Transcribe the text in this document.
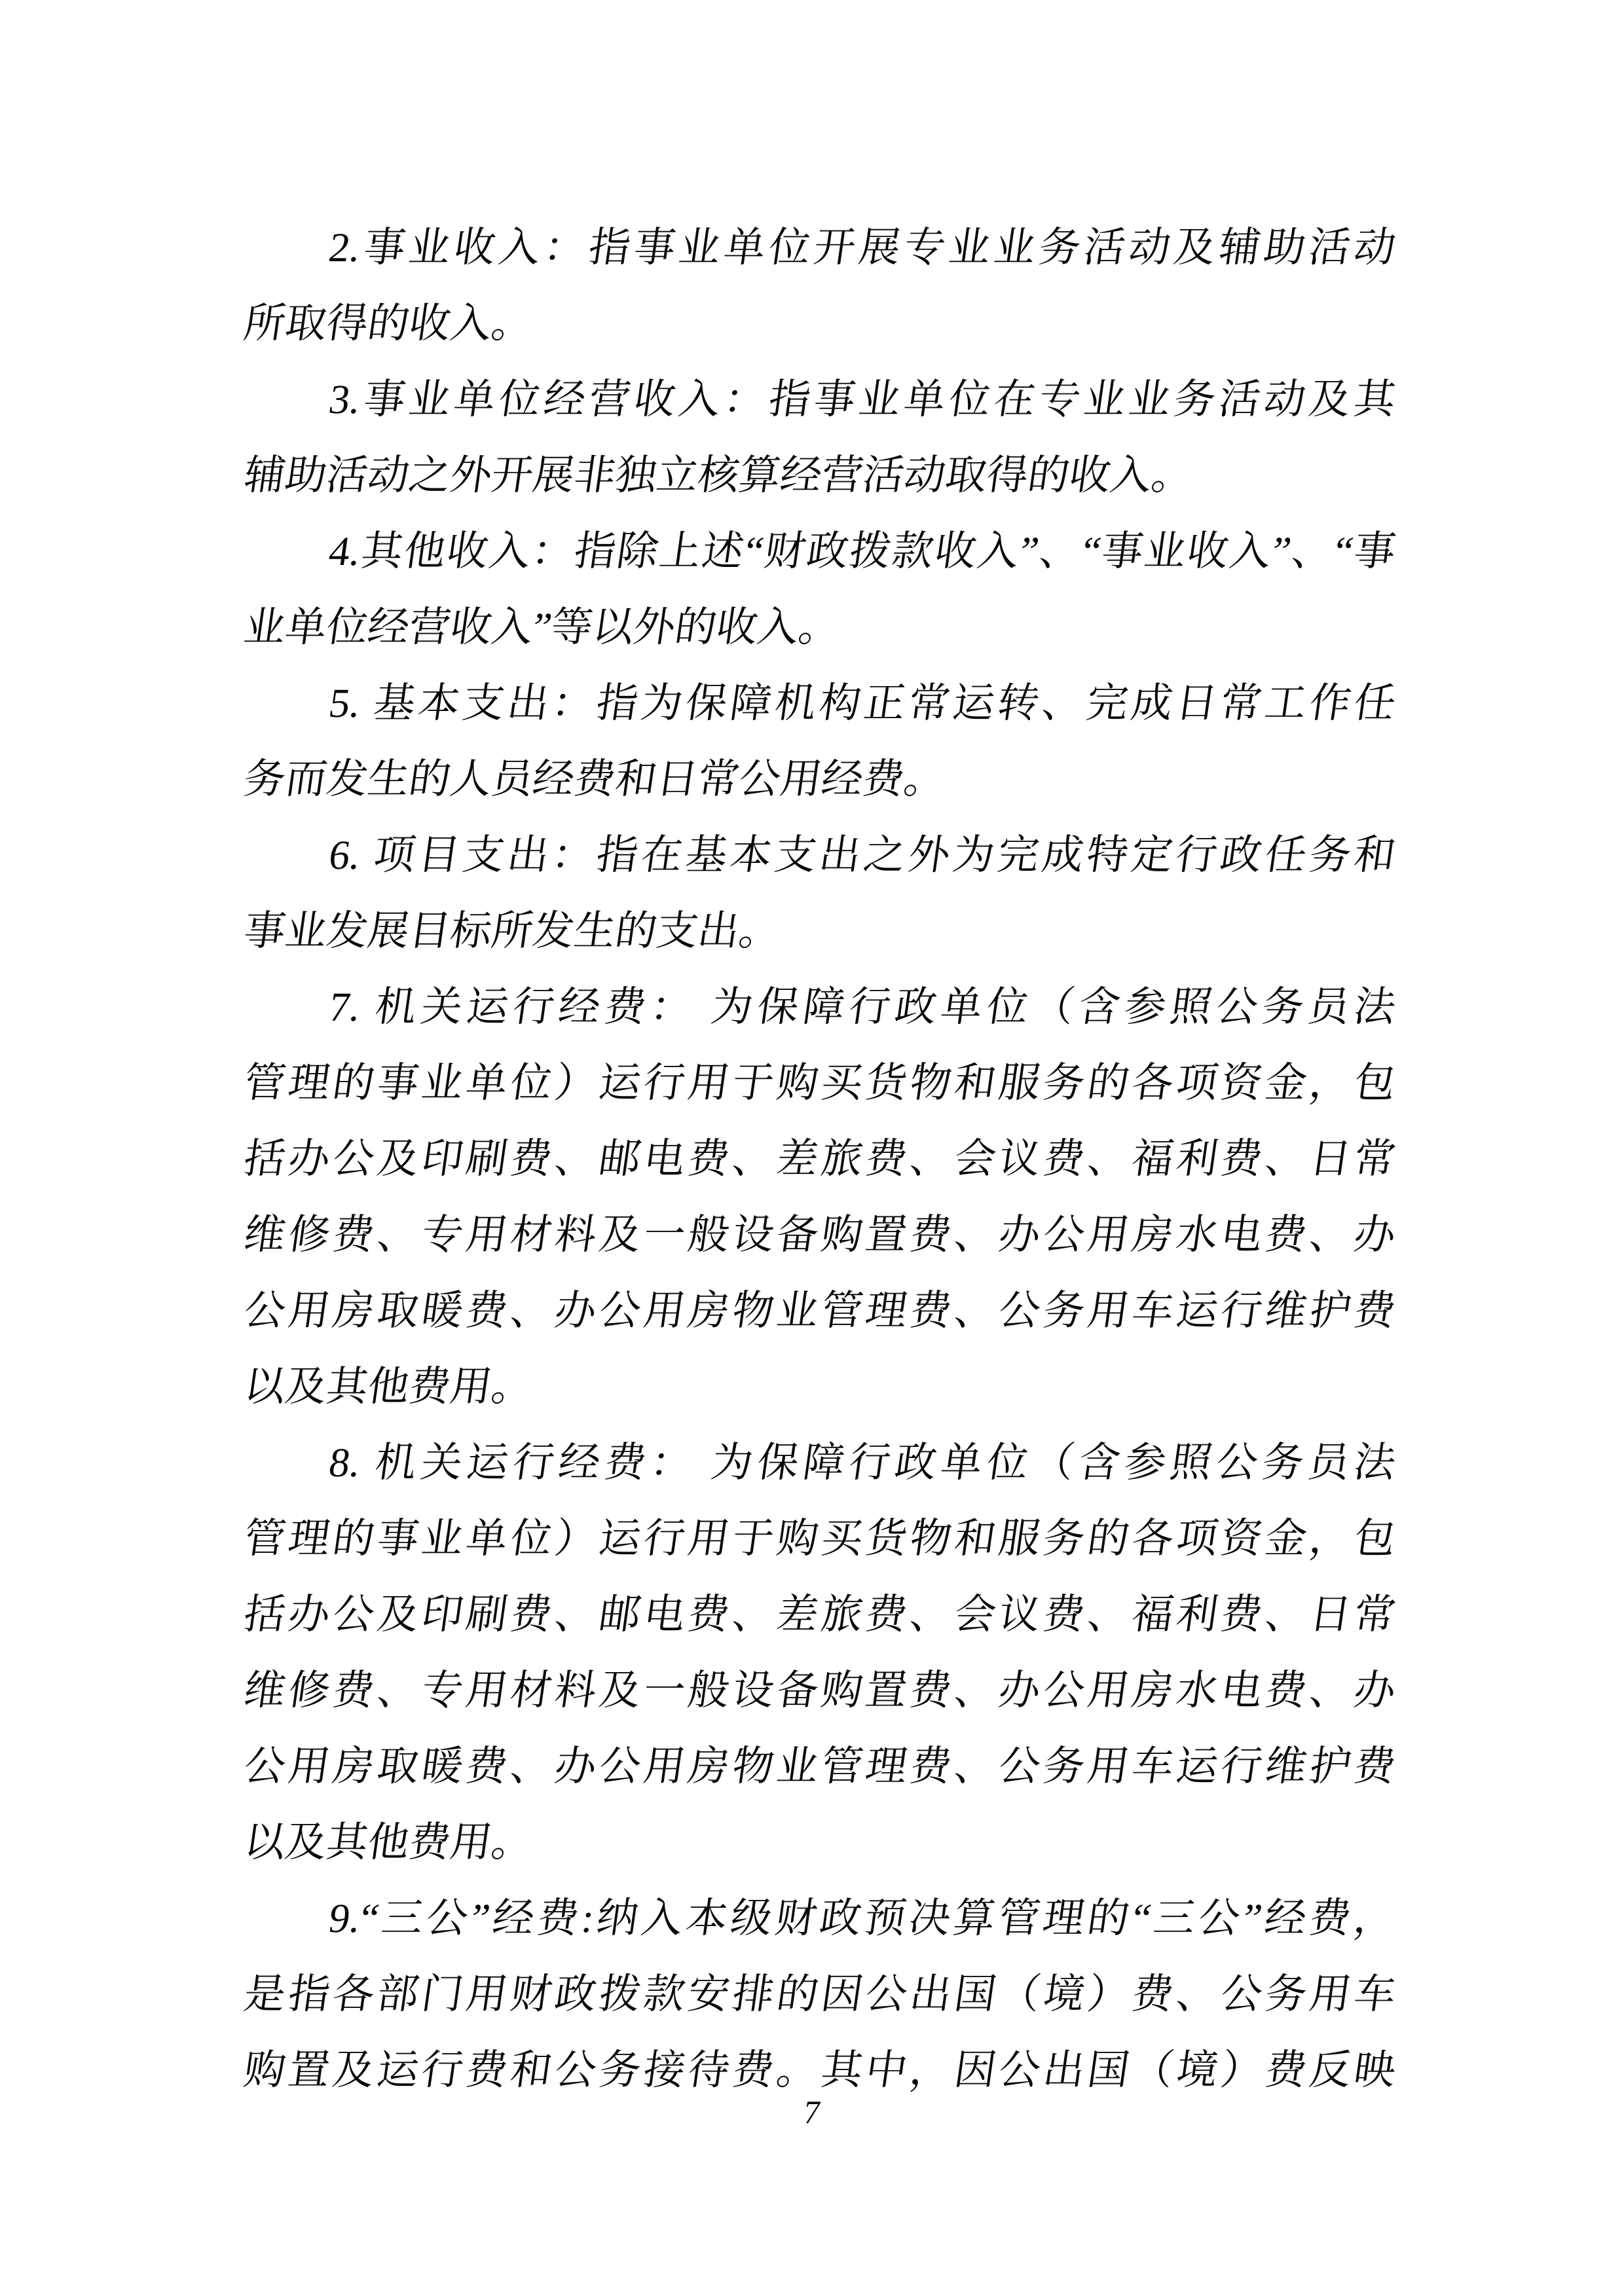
2.事业收入：指事业单位开展专业业务活动及辅助活动
所取得的收入。
3.事业单位经营收入：指事业单位在专业业务活动及其
辅助活动之外开展非独立核算经营活动取得的收入。
4.其他收入：指除上述“财政拨款收入”、“事业收入”、“事
业单位经营收入”等以外的收入。
5. 基本支出：指为保障机构正常运转、完成日常工作任
务而发生的人员经费和日常公用经费。
6. 项目支出：指在基本支出之外为完成特定行政任务和
事业发展目标所发生的支出。
7. 机关运行经费： 为保障行政单位（含参照公务员法
管理的事业单位）运行用于购买货物和服务的各项资金，包
括办公及印刷费、邮电费、差旅费、会议费、福利费、日常
维修费、专用材料及一般设备购置费、办公用房水电费、办
公用房取暖费、办公用房物业管理费、公务用车运行维护费
以及其他费用。
8. 机关运行经费： 为保障行政单位（含参照公务员法
管理的事业单位）运行用于购买货物和服务的各项资金，包
括办公及印刷费、邮电费、差旅费、会议费、福利费、日常
维修费、专用材料及一般设备购置费、办公用房水电费、办
公用房取暖费、办公用房物业管理费、公务用车运行维护费
以及其他费用。
9.“三公”经费:纳入本级财政预决算管理的“三公”经费，
是指各部门用财政拨款安排的因公出国（境）费、公务用车
购置及运行费和公务接待费。其中，因公出国（境）费反映
7
